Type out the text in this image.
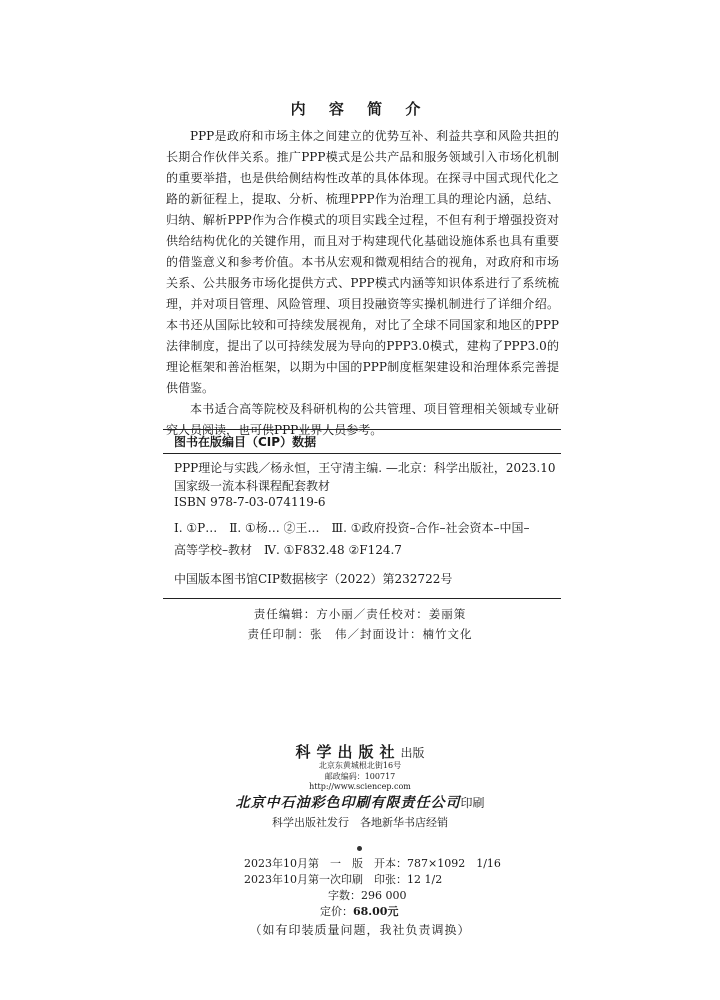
内 容 简 介

PPP是政府和市场主体之间建立的优势互补、利益共享和风险共担的长期合作伙伴关系。推广PPP模式是公共产品和服务领域引入市场化机制的重要举措，也是供给侧结构性改革的具体体现。在探寻中国式现代化之路的新征程上，提取、分析、梳理PPP作为治理工具的理论内涵，总结、归纳、解析PPP作为合作模式的项目实践全过程，不但有利于增强投资对供给结构优化的关键作用，而且对于构建现代化基础设施体系也具有重要的借鉴意义和参考价值。本书从宏观和微观相结合的视角，对政府和市场关系、公共服务市场化提供方式、PPP模式内涵等知识体系进行了系统梳理，并对项目管理、风险管理、项目投融资等实操机制进行了详细介绍。本书还从国际比较和可持续发展视角，对比了全球不同国家和地区的PPP法律制度，提出了以可持续发展为导向的PPP3.0模式，建构了PPP3.0的理论框架和善治框架，以期为中国的PPP制度框架建设和治理体系完善提供借鉴。

本书适合高等院校及科研机构的公共管理、项目管理相关领域专业研究人员阅读，也可供PPP业界人员参考。

图书在版编目（CIP）数据
PPP理论与实践／杨永恒，王守清主编. —北京：科学出版社，2023.10
国家级一流本科课程配套教材
ISBN 978-7-03-074119-6
Ⅰ. ①P…　Ⅱ. ①杨… ②王…　Ⅲ. ①政府投资–合作–社会资本–中国–
高等学校–教材　Ⅳ. ①F832.48 ②F124.7
中国版本图书馆CIP数据核字（2022）第232722号
责任编辑：方小丽／责任校对：姜丽策
责任印制：张　伟／封面设计：楠竹文化
科学出版社出版
北京东黄城根北街16号
邮政编码：100717
http://www.sciencep.com
北京中石油彩色印刷有限责任公司印刷
科学出版社发行　各地新华书店经销
2023年10月第　一　版　开本：787×1092　1/16
2023年10月第一次印刷　印张：12 1/2
字数：296 000
定价：68.00元
（如有印装质量问题，我社负责调换）
